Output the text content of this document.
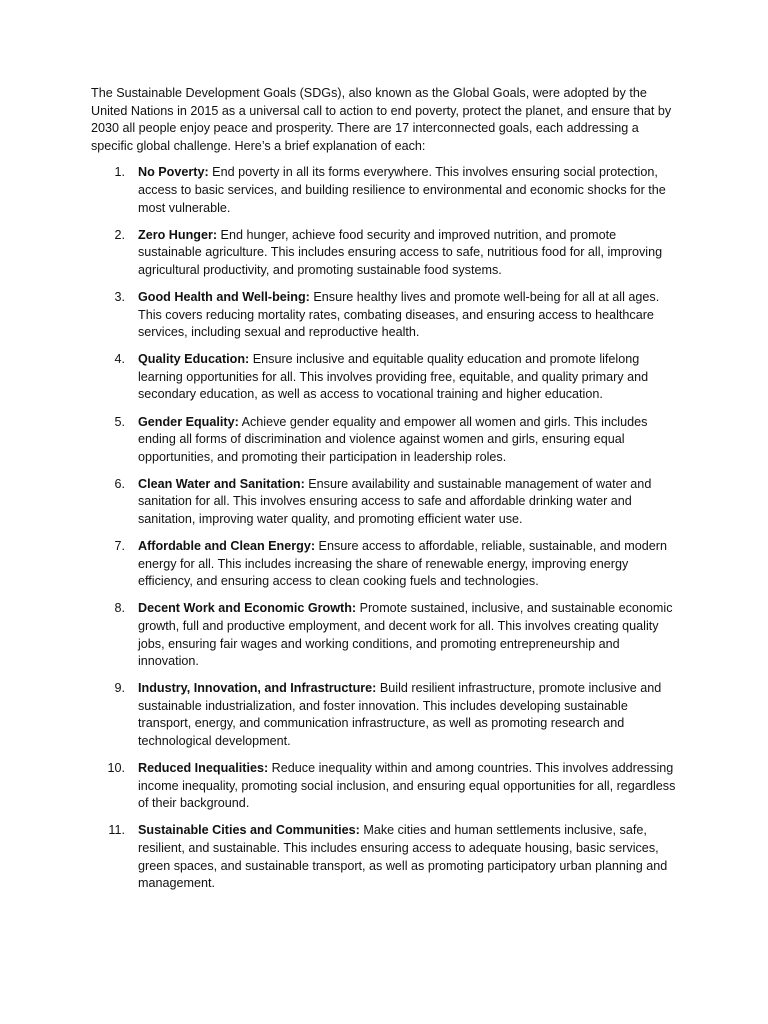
The Sustainable Development Goals (SDGs), also known as the Global Goals, were adopted by the United Nations in 2015 as a universal call to action to end poverty, protect the planet, and ensure that by 2030 all people enjoy peace and prosperity. There are 17 interconnected goals, each addressing a specific global challenge. Here’s a brief explanation of each:

1. No Poverty: End poverty in all its forms everywhere. This involves ensuring social protection, access to basic services, and building resilience to environmental and economic shocks for the most vulnerable.
2. Zero Hunger: End hunger, achieve food security and improved nutrition, and promote sustainable agriculture. This includes ensuring access to safe, nutritious food for all, improving agricultural productivity, and promoting sustainable food systems.
3. Good Health and Well-being: Ensure healthy lives and promote well-being for all at all ages. This covers reducing mortality rates, combating diseases, and ensuring access to healthcare services, including sexual and reproductive health.
4. Quality Education: Ensure inclusive and equitable quality education and promote lifelong learning opportunities for all. This involves providing free, equitable, and quality primary and secondary education, as well as access to vocational training and higher education.
5. Gender Equality: Achieve gender equality and empower all women and girls. This includes ending all forms of discrimination and violence against women and girls, ensuring equal opportunities, and promoting their participation in leadership roles.
6. Clean Water and Sanitation: Ensure availability and sustainable management of water and sanitation for all. This involves ensuring access to safe and affordable drinking water and sanitation, improving water quality, and promoting efficient water use.
7. Affordable and Clean Energy: Ensure access to affordable, reliable, sustainable, and modern energy for all. This includes increasing the share of renewable energy, improving energy efficiency, and ensuring access to clean cooking fuels and technologies.
8. Decent Work and Economic Growth: Promote sustained, inclusive, and sustainable economic growth, full and productive employment, and decent work for all. This involves creating quality jobs, ensuring fair wages and working conditions, and promoting entrepreneurship and innovation.
9. Industry, Innovation, and Infrastructure: Build resilient infrastructure, promote inclusive and sustainable industrialization, and foster innovation. This includes developing sustainable transport, energy, and communication infrastructure, as well as promoting research and technological development.
10. Reduced Inequalities: Reduce inequality within and among countries. This involves addressing income inequality, promoting social inclusion, and ensuring equal opportunities for all, regardless of their background.
11. Sustainable Cities and Communities: Make cities and human settlements inclusive, safe, resilient, and sustainable. This includes ensuring access to adequate housing, basic services, green spaces, and sustainable transport, as well as promoting participatory urban planning and management.
